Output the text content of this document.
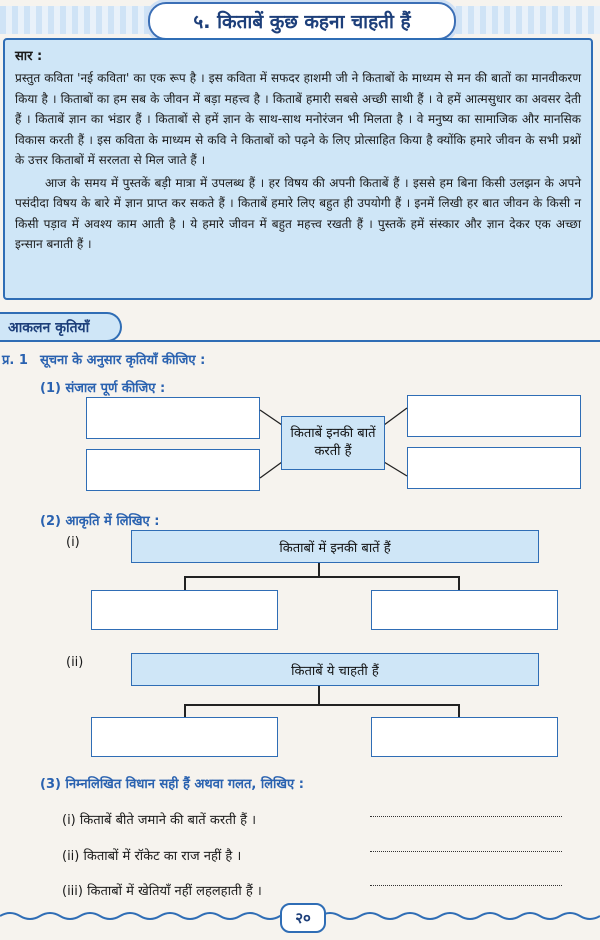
५. किताबें कुछ कहना चाहती हैं

सार :

प्रस्तुत कविता 'नई कविता' का एक रूप है । इस कविता में सफदर हाशमी जी ने किताबों के माध्यम से मन की बातों का मानवीकरण किया है । किताबों का हम सब के जीवन में बड़ा महत्त्व है । किताबें हमारी सबसे अच्छी साथी हैं । वे हमें आत्मसुधार का अवसर देती हैं । किताबें ज्ञान का भंडार हैं । किताबों से हमें ज्ञान के साथ-साथ मनोरंजन भी मिलता है । वे मनुष्य का सामाजिक और मानसिक विकास करती हैं । इस कविता के माध्यम से कवि ने किताबों को पढ़ने के लिए प्रोत्साहित किया है क्योंकि हमारे जीवन के सभी प्रश्नों के उत्तर किताबों में सरलता से मिल जाते हैं ।

आज के समय में पुस्तकें बड़ी मात्रा में उपलब्ध हैं । हर विषय की अपनी किताबें हैं । इससे हम बिना किसी उलझन के अपने पसंदीदा विषय के बारे में ज्ञान प्राप्त कर सकते हैं । किताबें हमारे लिए बहुत ही उपयोगी हैं । इनमें लिखी हर बात जीवन के किसी न किसी पड़ाव में अवश्य काम आती है । ये हमारे जीवन में बहुत महत्त्व रखती हैं । पुस्तकें हमें संस्कार और ज्ञान देकर एक अच्छा इन्सान बनाती हैं ।

आकलन कृतियाँ
प्र. 1 सूचना के अनुसार कृतियाँ कीजिए :
(1) संजाल पूर्ण कीजिए :
किताबें इनकी बातें
करती हैं
(2) आकृति में लिखिए :
(i)	किताबों में इनकी बातें हैं
(ii)
किताबें ये चाहती हैं
(3) निम्नलिखित विधान सही हैं अथवा गलत, लिखिए :
(i) किताबें बीते जमाने की बातें करती हैं ।
(ii) किताबों में रॉकेट का राज नहीं है ।
(iii) किताबों में खेतियाँ नहीं लहलहाती हैं ।
२०
